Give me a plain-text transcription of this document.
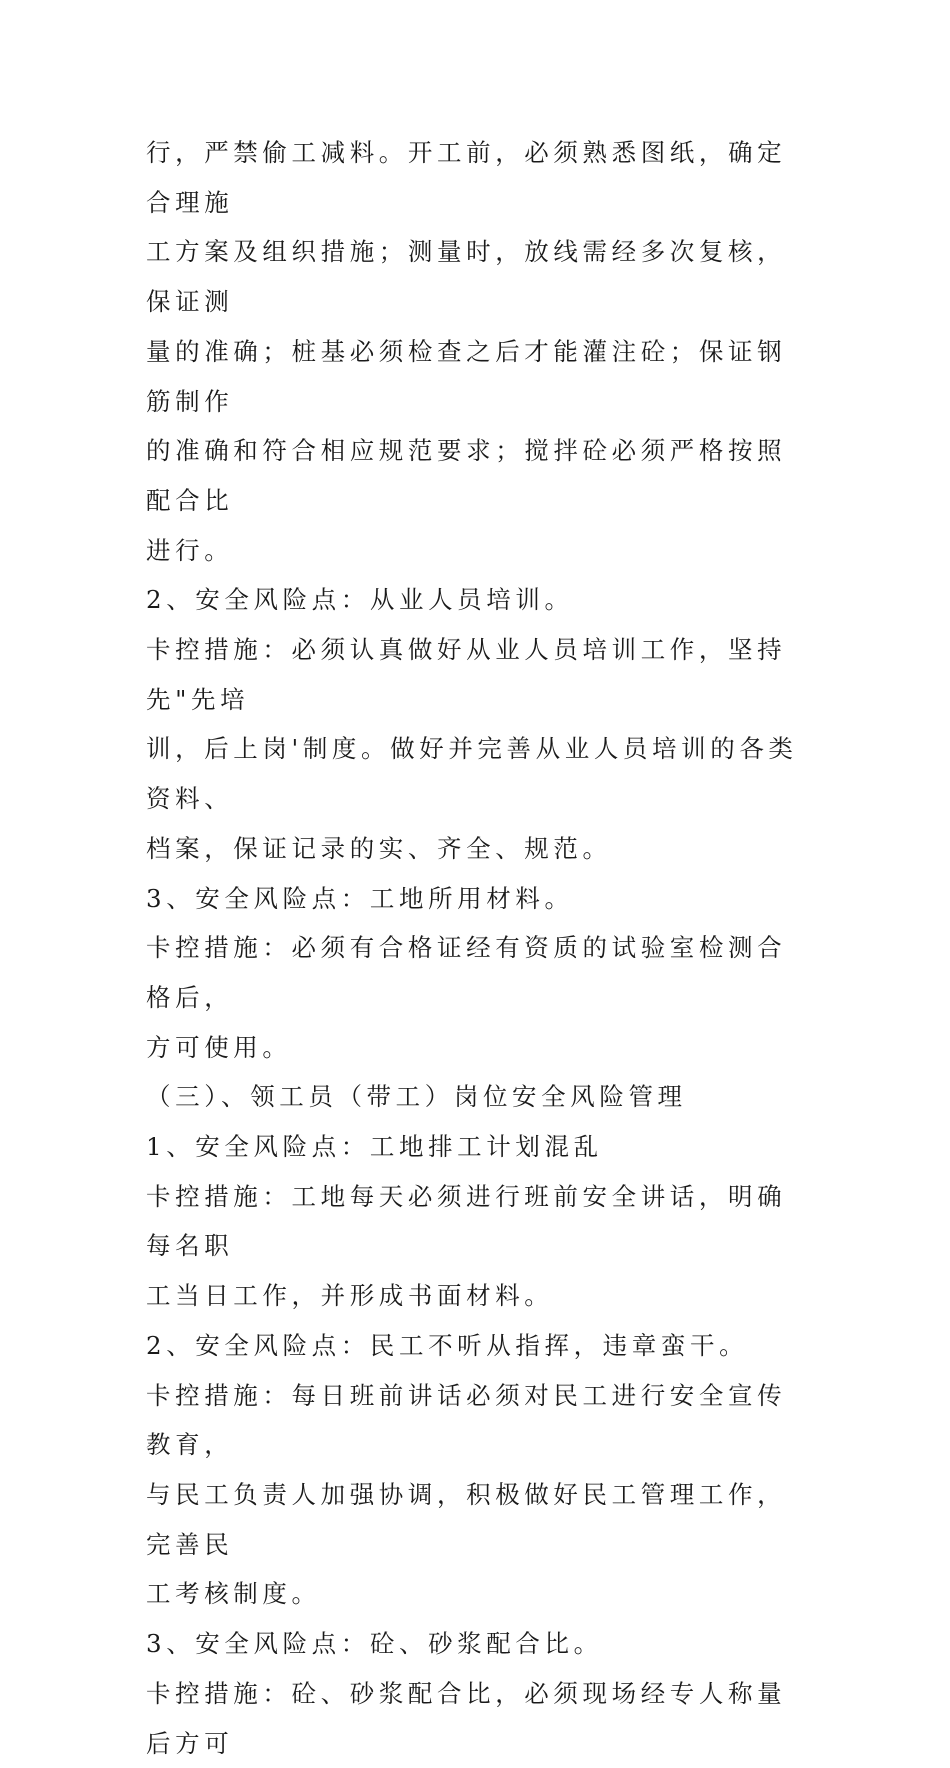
行，严禁偷工减料。开工前，必须熟悉图纸，确定合理施

工方案及组织措施；测量时，放线需经多次复核，保证测

量的准确；桩基必须检查之后才能灌注砼；保证钢筋制作

的准确和符合相应规范要求；搅拌砼必须严格按照配合比

进行。

2、安全风险点：从业人员培训。

卡控措施：必须认真做好从业人员培训工作，坚持先"先培

训，后上岗'制度。做好并完善从业人员培训的各类资料、

档案，保证记录的实、齐全、规范。

3、安全风险点：工地所用材料。

卡控措施：必须有合格证经有资质的试验室检测合格后，

方可使用。

（三）、领工员（带工）岗位安全风险管理

1、安全风险点：工地排工计划混乱

卡控措施：工地每天必须进行班前安全讲话，明确每名职

工当日工作，并形成书面材料。

2、安全风险点：民工不听从指挥，违章蛮干。

卡控措施：每日班前讲话必须对民工进行安全宣传教育，

与民工负责人加强协调，积极做好民工管理工作，完善民

工考核制度。

3、安全风险点：砼、砂浆配合比。

卡控措施：砼、砂浆配合比，必须现场经专人称量后方可
